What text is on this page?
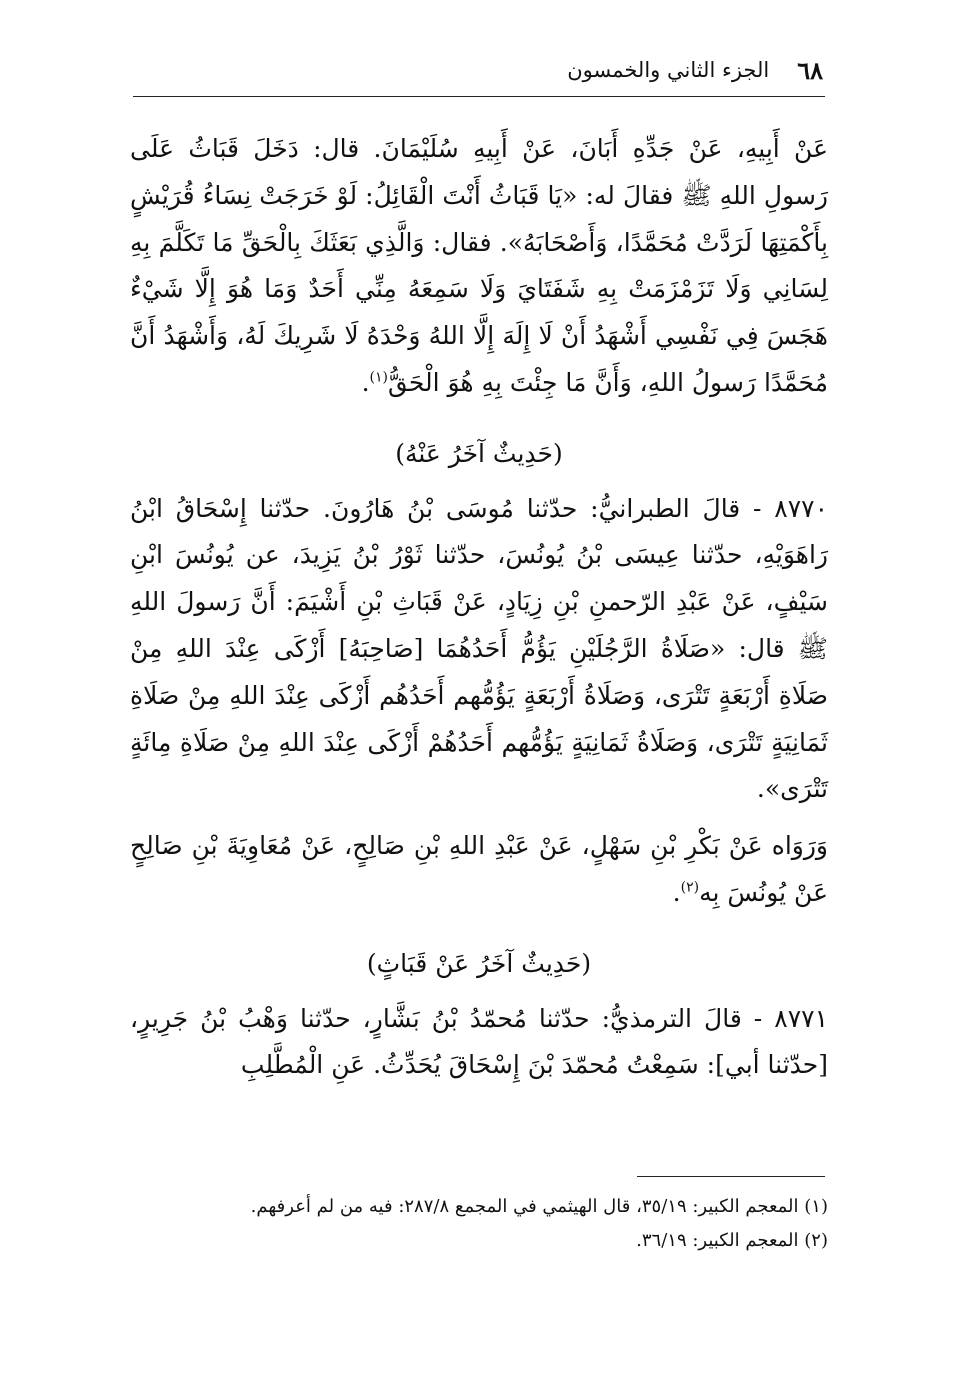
٦٨
الجزء الثاني والخمسون

عَنْ أَبِيهِ، عَنْ جَدِّهِ أَبَانَ، عَنْ أَبِيهِ سُلَيْمَانَ. قال: دَخَلَ قَبَاثُ عَلَى رَسولِ اللهِ ﷺ فقالَ له: «يَا قَبَاثُ أَنْتَ الْقَائِلُ: لَوْ خَرَجَتْ نِسَاءُ قُرَيْشٍ بِأَكْمَتِهَا لَرَدَّتْ مُحَمَّدًا، وَأَصْحَابَهُ». فقال: وَالَّذِي بَعَثَكَ بِالْحَقِّ مَا تَكَلَّمَ بِهِ لِسَانِي وَلَا تَزَمْزَمَتْ بِهِ شَفَتَايَ وَلَا سَمِعَهُ مِنِّي أَحَدٌ وَمَا هُوَ إِلَّا شَيْءٌ هَجَسَ فِي نَفْسِي أَشْهَدُ أَنْ لَا إِلَهَ إِلَّا اللهُ وَحْدَهُ لَا شَرِيكَ لَهُ، وَأَشْهَدُ أَنَّ مُحَمَّدًا رَسولُ اللهِ، وَأَنَّ مَا جِئْتَ بِهِ هُوَ الْحَقُّ$^{(١)}$.

(حَدِيثٌ آخَرُ عَنْهُ)

٨٧٧٠ - قالَ الطبرانيُّ: حدّثنا مُوسَى بْنُ هَارُونَ. حدّثنا إِسْحَاقُ ابْنُ رَاهَوَيْهِ، حدّثنا عِيسَى بْنُ يُونُسَ، حدّثنا ثَوْرُ بْنُ يَزِيدَ، عن يُونُسَ ابْنِ سَيْفٍ، عَنْ عَبْدِ الرّحمنِ بْنِ زِيَادٍ، عَنْ قَبَاثِ بْنِ أَشْيَمَ: أَنَّ رَسولَ اللهِ ﷺ قال: «صَلَاةُ الرَّجُلَيْنِ يَؤُمُّ أَحَدُهُمَا [صَاحِبَهُ] أَزْكَى عِنْدَ اللهِ مِنْ صَلَاةِ أَرْبَعَةٍ تَتْرَى، وَصَلَاةُ أَرْبَعَةٍ يَؤُمُّهم أَحَدُهُم أَزْكَى عِنْدَ اللهِ مِنْ صَلَاةِ ثَمَانِيَةٍ تَتْرَى، وَصَلَاةُ ثَمَانِيَةٍ يَؤُمُّهم أَحَدُهُمْ أَزْكَى عِنْدَ اللهِ مِنْ صَلَاةِ مِائَةٍ تَتْرَى».

وَرَوَاه عَنْ بَكْرِ بْنِ سَهْلٍ، عَنْ عَبْدِ اللهِ بْنِ صَالِحٍ، عَنْ مُعَاوِيَةَ بْنِ صَالِحٍ عَنْ يُونُسَ بِه$^{(٢)}$.

(حَدِيثٌ آخَرُ عَنْ قَبَاثٍ)

٨٧٧١ - قالَ الترمذيُّ: حدّثنا مُحمّدُ بْنُ بَشَّارٍ، حدّثنا وَهْبُ بْنُ جَرِيرٍ، [حدّثنا أبي]: سَمِعْتُ مُحمّدَ بْنَ إِسْحَاقَ يُحَدِّثُ. عَنِ الْمُطَّلِبِ

(١) المعجم الكبير: ٣٥/١٩، قال الهيثمي في المجمع ٢٨٧/٨: فيه من لم أعرفهم.

(٢) المعجم الكبير: ٣٦/١٩.
